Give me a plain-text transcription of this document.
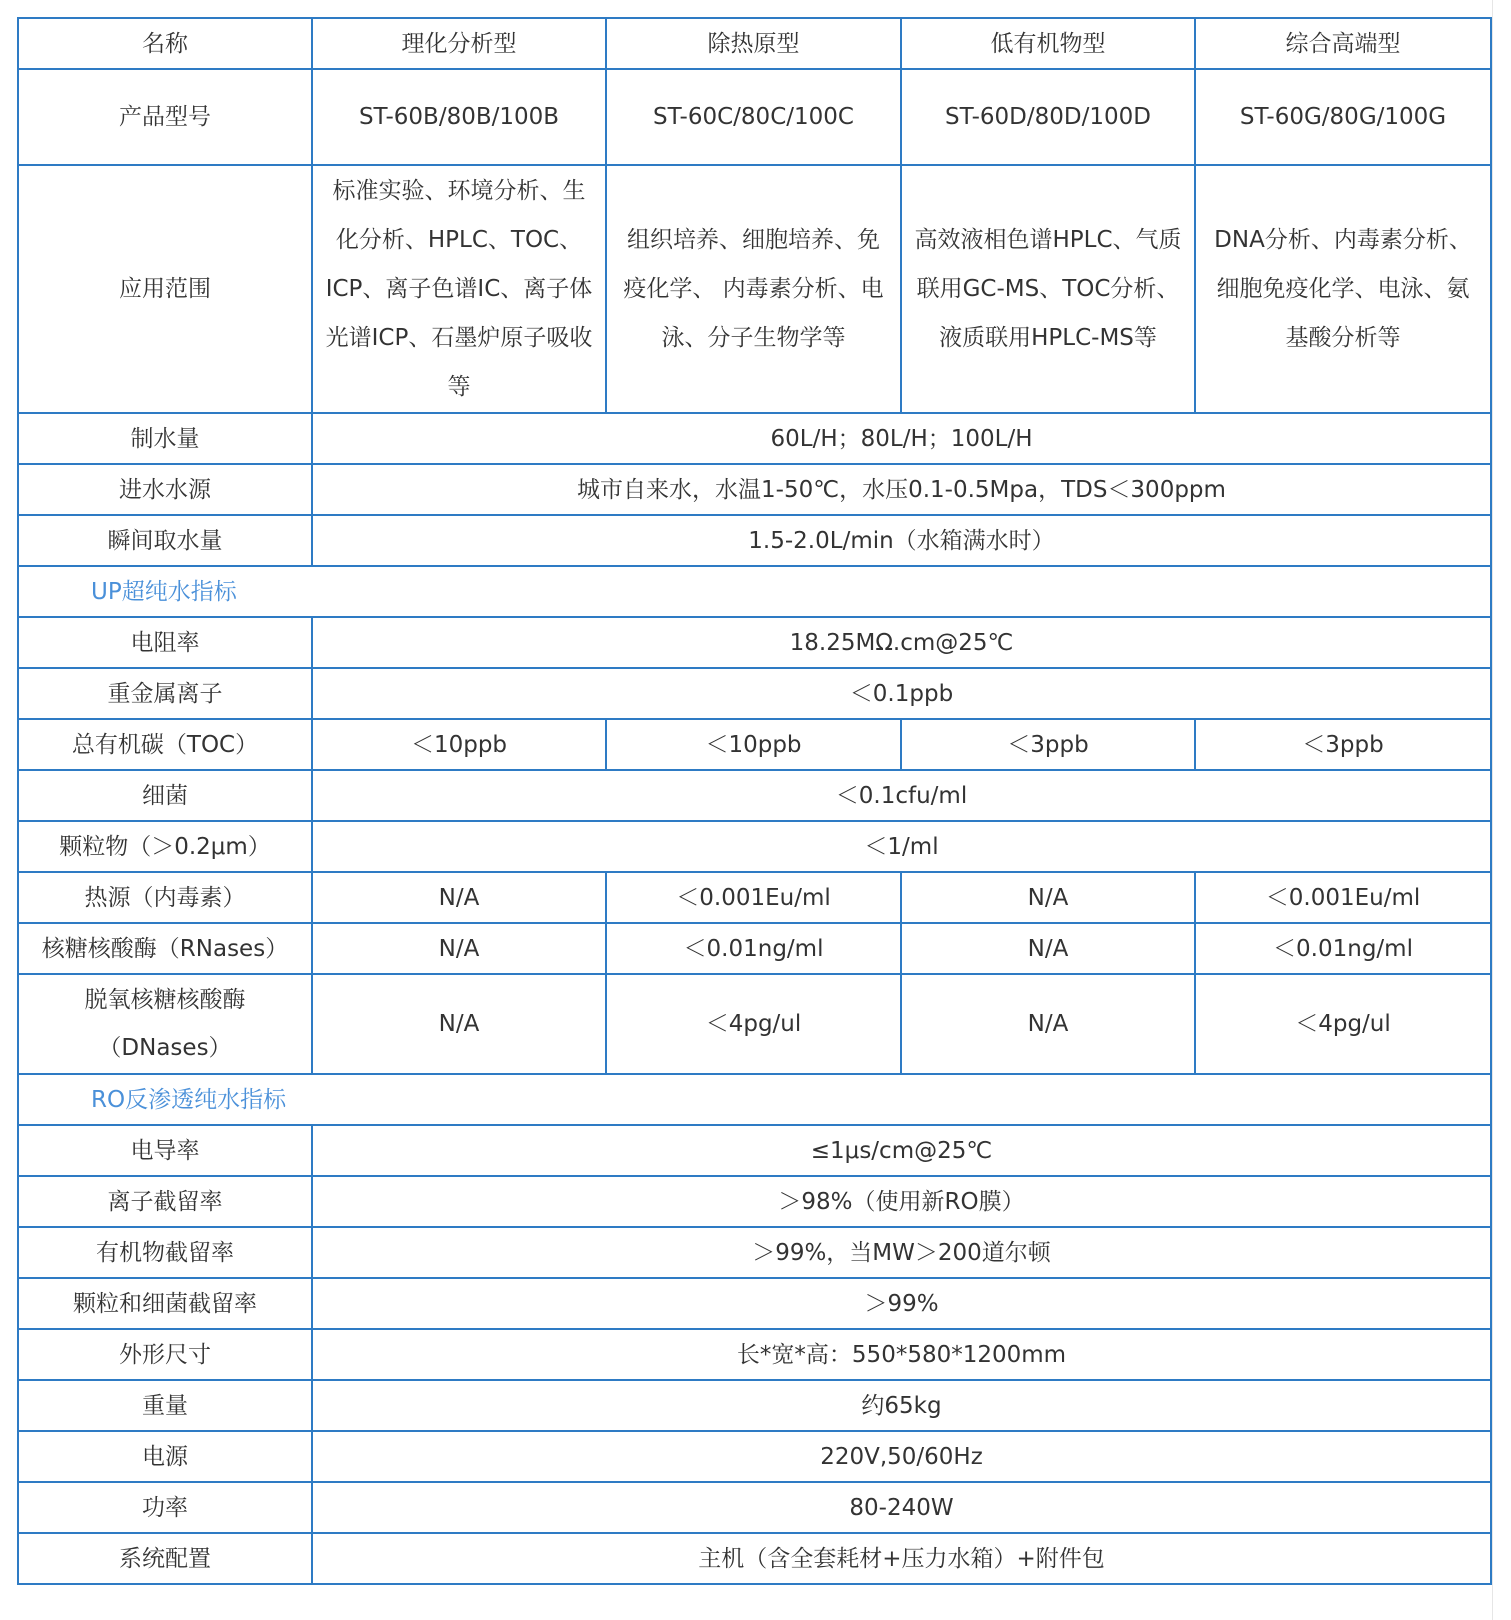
名称	理化分析型	除热原型	低有机物型	综合高端型
产品型号	ST-60B/80B/100B	ST-60C/80C/100C	ST-60D/80D/100D	ST-60G/80G/100G
应用范围	标准实验、环境分析、生化分析、HPLC、TOC、ICP、离子色谱IC、离子体光谱ICP、石墨炉原子吸收等	组织培养、细胞培养、免疫化学、 内毒素分析、电泳、分子生物学等	高效液相色谱HPLC、气质联用GC-MS、TOC分析、液质联用HPLC-MS等	DNA分析、内毒素分析、细胞免疫化学、电泳、氨基酸分析等
制水量	60L/H；80L/H；100L/H			
进水水源	城市自来水，水温1-50℃，水压0.1-0.5Mpa，TDS＜300ppm			
瞬间取水量	1.5-2.0L/min（水箱满水时）			
UP超纯水指标				
电阻率	18.25MΩ.cm@25℃			
重金属离子	＜0.1ppb			
总有机碳（TOC）	＜10ppb	＜10ppb	＜3ppb	＜3ppb
细菌	＜0.1cfu/ml			
颗粒物（＞0.2μm）	＜1/ml			
热源（内毒素）	N/A	＜0.001Eu/ml	N/A	＜0.001Eu/ml
核糖核酸酶（RNases）	N/A	＜0.01ng/ml	N/A	＜0.01ng/ml

脱氧核糖核酸酶
（DNases）	N/A	＜4pg/ul	N/A	＜4pg/ul
RO反渗透纯水指标				
电导率	≤1μs/cm@25℃			
离子截留率	＞98%（使用新RO膜）			
有机物截留率	＞99%，当MW＞200道尔顿			
颗粒和细菌截留率	＞99%			
外形尺寸	长*宽*高：550*580*1200mm			
重量	约65kg			
电源	220V,50/60Hz			
功率	80-240W			
系统配置	主机（含全套耗材+压力水箱）+附件包			
